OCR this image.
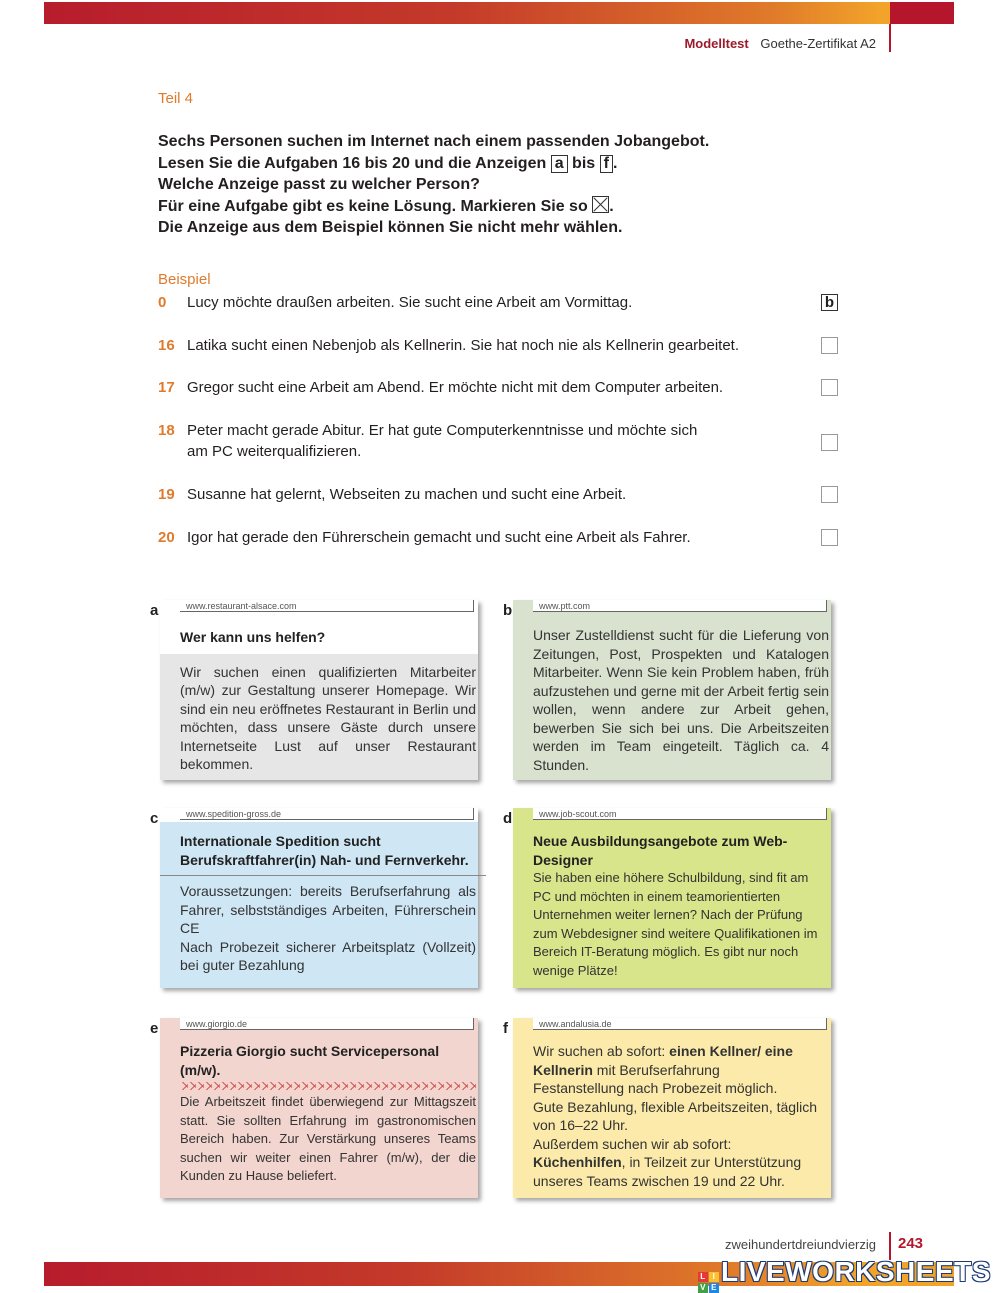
Modelltest Goethe-Zertifikat A2
Teil 4
Sechs Personen suchen im Internet nach einem passenden Jobangebot.
Lesen Sie die Aufgaben 16 bis 20 und die Anzeigen a bis f .
Welche Anzeige passt zu welcher Person?
Für eine Aufgabe gibt es keine Lösung. Markieren Sie so ☒.
Die Anzeige aus dem Beispiel können Sie nicht mehr wählen.
Beispiel
0 Lucy möchte draußen arbeiten. Sie sucht eine Arbeit am Vormittag.	b
16 Latika sucht einen Nebenjob als Kellnerin. Sie hat noch nie als Kellnerin gearbeitet.
17 Gregor sucht eine Arbeit am Abend. Er möchte nicht mit dem Computer arbeiten.
18 Peter macht gerade Abitur. Er hat gute Computerkenntnisse und möchte sich am PC weiterqualifizieren.
19 Susanne hat gelernt, Webseiten zu machen und sucht eine Arbeit.
20 Igor hat gerade den Führerschein gemacht und sucht eine Arbeit als Fahrer.
a	www.restaurant-alsace.com
Wer kann uns helfen?
Wir suchen einen qualifizierten Mitarbeiter (m/w) zur Gestaltung unserer Homepage. Wir sind ein neu eröffnetes Restaurant in Berlin und möchten, dass unsere Gäste durch unsere Internetseite Lust auf unser Restaurant bekommen.
b	www.ptt.com
Unser Zustelldienst sucht für die Lieferung von Zeitungen, Post, Prospekten und Katalogen Mitarbeiter. Wenn Sie kein Problem haben, früh aufzustehen und gerne mit der Arbeit fertig sein wollen, wenn andere zur Arbeit gehen, bewerben Sie sich bei uns. Die Arbeitszeiten werden im Team eingeteilt. Täglich ca. 4 Stunden.
c	www.spedition-gross.de
Internationale Spedition sucht Berufskraftfahrer(in) Nah- und Fernverkehr.
Voraussetzungen: bereits Berufserfahrung als Fahrer, selbstständiges Arbeiten, Führerschein CE
Nach Probezeit sicherer Arbeitsplatz (Vollzeit) bei guter Bezahlung
d	www.job-scout.com
Neue Ausbildungsangebote zum Web-Designer
Sie haben eine höhere Schulbildung, sind fit am PC und möchten in einem teamorientierten Unternehmen weiter lernen? Nach der Prüfung zum Webdesigner sind weitere Qualifikationen im Bereich IT-Beratung möglich. Es gibt nur noch wenige Plätze!
e	www.giorgio.de
Pizzeria Giorgio sucht Servicepersonal (m/w).
Die Arbeitszeit findet überwiegend zur Mittagszeit statt. Sie sollten Erfahrung im gastronomischen Bereich haben. Zur Verstärkung unseres Teams suchen wir weiter einen Fahrer (m/w), der die Kunden zu Hause beliefert.
f	www.andalusia.de
Wir suchen ab sofort: einen Kellner/ eine Kellnerin mit Berufserfahrung
Festanstellung nach Probezeit möglich.
Gute Bezahlung, flexible Arbeitszeiten, täglich von 16–22 Uhr.
Außerdem suchen wir ab sofort:
Küchenhilfen, in Teilzeit zur Unterstützung unseres Teams zwischen 19 und 22 Uhr.
zweihundertdreiundvierzig 243
L I
V E
LIVEWORKSHEETS
